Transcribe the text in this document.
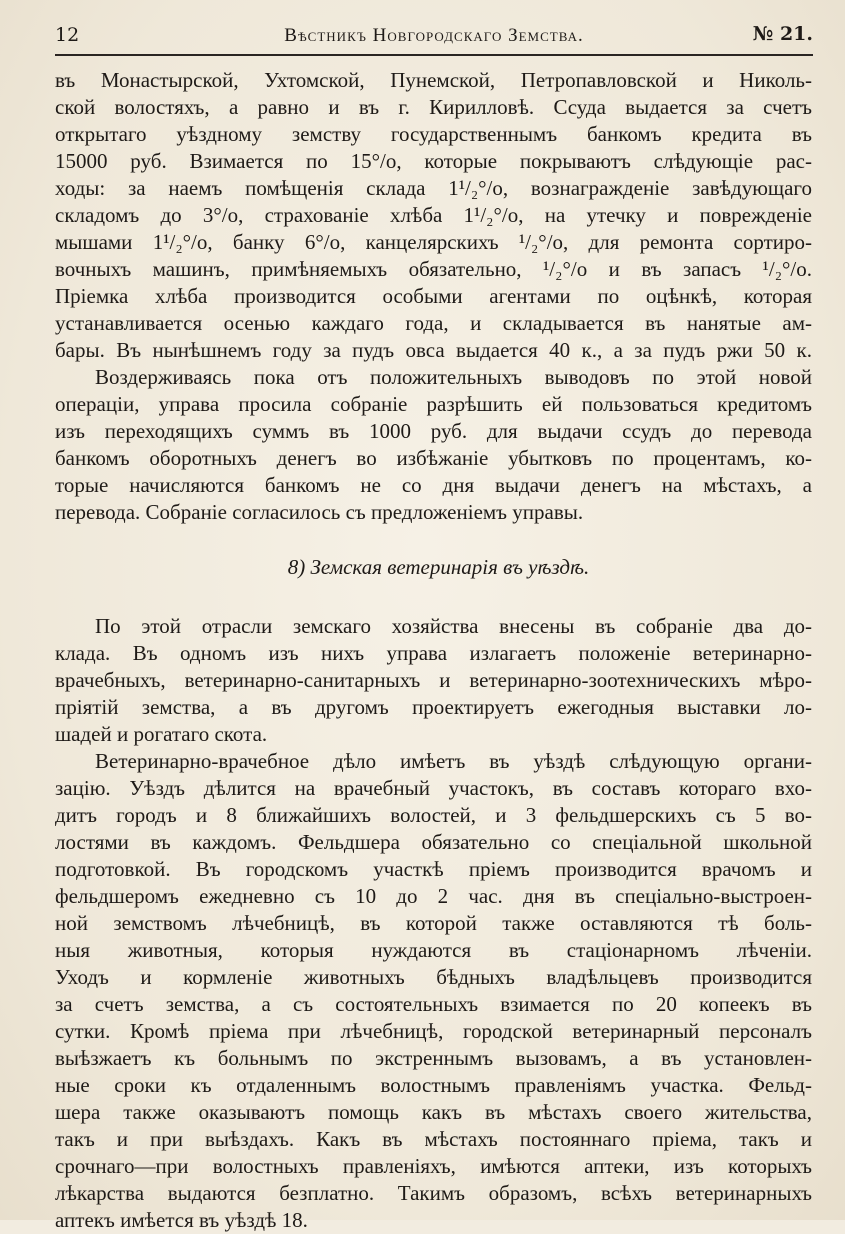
12	Вѣстникъ Новгородскаго Земства.	№ 21.
въ Монастырской, Ухтомской, Пунемской, Петропавловской и Николь-
ской волостяхъ, а равно и въ г. Кирилловѣ. Ссуда выдается за счетъ
открытаго уѣздному земству государственнымъ банкомъ кредита въ
15000 руб. Взимается по 15°/о, которые покрываютъ слѣдующіе рас-
ходы: за наемъ помѣщенія склада 1¹/₂°/о, вознагражденіе завѣдующаго
складомъ до 3°/о, страхованіе хлѣба 1¹/₂°/о, на утечку и поврежденіе
мышами 1¹/₂°/о, банку 6°/о, канцелярскихъ ¹/₂°/о, для ремонта сортиро-
вочныхъ машинъ, примѣняемыхъ обязательно, ¹/₂°/о и въ запасъ ¹/₂°/о.
Пріемка хлѣба производится особыми агентами по оцѣнкѣ, которая
устанавливается осенью каждаго года, и складывается въ нанятые ам-
бары. Въ нынѣшнемъ году за пудъ овса выдается 40 к., а за пудъ ржи 50 к.
Воздерживаясь пока отъ положительныхъ выводовъ по этой новой
операціи, управа просила собраніе разрѣшить ей пользоваться кредитомъ
изъ переходящихъ суммъ въ 1000 руб. для выдачи ссудъ до перевода
банкомъ оборотныхъ денегъ во избѣжаніе убытковъ по процентамъ, ко-
торые начисляются банкомъ не со дня выдачи денегъ на мѣстахъ, а
перевода. Собраніе согласилось съ предложеніемъ управы.
8) Земская ветеринарія въ уѣздѣ.
По этой отрасли земскаго хозяйства внесены въ собраніе два до-
клада. Въ одномъ изъ нихъ управа излагаетъ положеніе ветеринарно-
врачебныхъ, ветеринарно-санитарныхъ и ветеринарно-зоотехническихъ мѣро-
пріятій земства, а въ другомъ проектируетъ ежегодныя выставки ло-
шадей и рогатаго скота.
Ветеринарно-врачебное дѣло имѣетъ въ уѣздѣ слѣдующую органи-
зацію. Уѣздъ дѣлится на врачебный участокъ, въ составъ котораго вхо-
дитъ городъ и 8 ближайшихъ волостей, и 3 фельдшерскихъ съ 5 во-
лостями въ каждомъ. Фельдшера обязательно со спеціальной школьной
подготовкой. Въ городскомъ участкѣ пріемъ производится врачомъ и
фельдшеромъ ежедневно съ 10 до 2 час. дня въ спеціально-выстроен-
ной земствомъ лѣчебницѣ, въ которой также оставляются тѣ боль-
ныя животныя, которыя нуждаются въ стаціонарномъ лѣченіи.
Уходъ и кормленіе животныхъ бѣдныхъ владѣльцевъ производится
за счетъ земства, а съ состоятельныхъ взимается по 20 копеекъ въ
сутки. Кромѣ пріема при лѣчебницѣ, городской ветеринарный персоналъ
выѣзжаетъ къ больнымъ по экстреннымъ вызовамъ, а въ установлен-
ные сроки къ отдаленнымъ волостнымъ правленіямъ участка. Фельд-
шера также оказываютъ помощь какъ въ мѣстахъ своего жительства,
такъ и при выѣздахъ. Какъ въ мѣстахъ постояннаго пріема, такъ и
срочнаго—при волостныхъ правленіяхъ, имѣются аптеки, изъ которыхъ
лѣкарства выдаются безплатно. Такимъ образомъ, всѣхъ ветеринарныхъ
аптекъ имѣется въ уѣздѣ 18.
